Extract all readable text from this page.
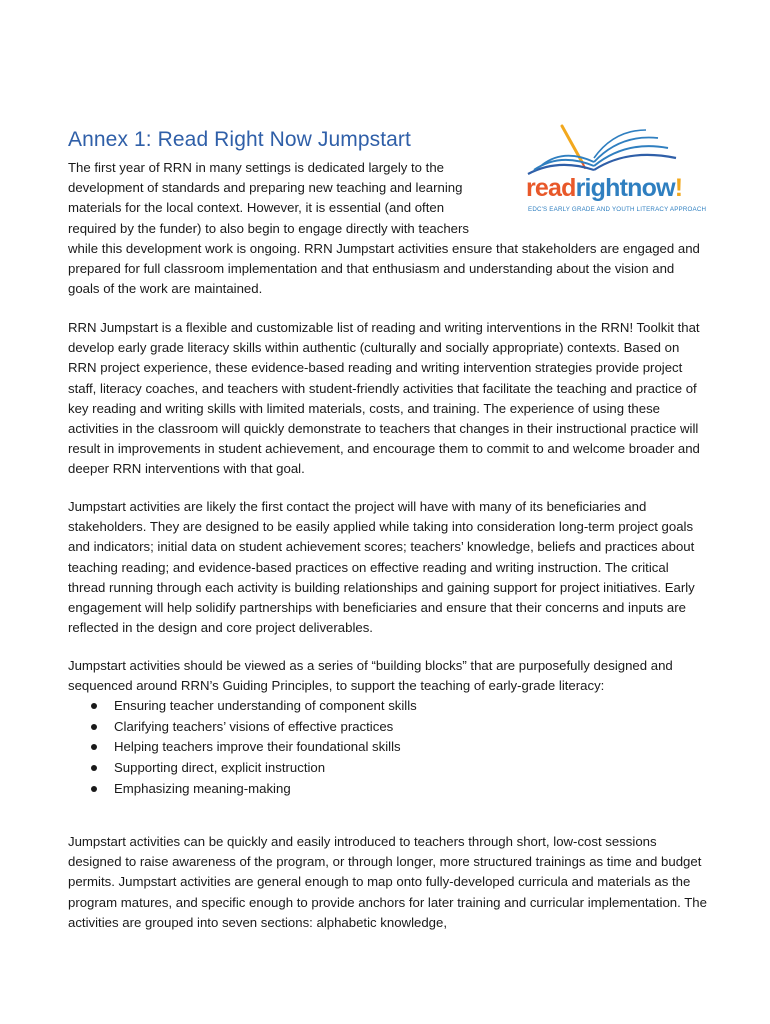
Annex 1: Read Right Now Jumpstart
readrightnow!
EDC'S EARLY GRADE AND YOUTH LITERACY APPROACH

The first year of RRN in many settings is dedicated largely to the development of standards and preparing new teaching and learning materials for the local context. However, it is essential (and often required by the funder) to also begin to engage directly with teachers
while this development work is ongoing. RRN Jumpstart activities ensure that stakeholders are engaged and prepared for full classroom implementation and that enthusiasm and understanding about the vision and goals of the work are maintained.

RRN Jumpstart is a flexible and customizable list of reading and writing interventions in the RRN! Toolkit that develop early grade literacy skills within authentic (culturally and socially appropriate) contexts. Based on RRN project experience, these evidence-based reading and writing intervention strategies provide project staff, literacy coaches, and teachers with student-friendly activities that facilitate the teaching and practice of key reading and writing skills with limited materials, costs, and training. The experience of using these activities in the classroom will quickly demonstrate to teachers that changes in their instructional practice will result in improvements in student achievement, and encourage them to commit to and welcome broader and deeper RRN interventions with that goal.

Jumpstart activities are likely the first contact the project will have with many of its beneficiaries and stakeholders. They are designed to be easily applied while taking into consideration long-term project goals and indicators; initial data on student achievement scores; teachers’ knowledge, beliefs and practices about teaching reading; and evidence-based practices on effective reading and writing instruction. The critical thread running through each activity is building relationships and gaining support for project initiatives. Early engagement will help solidify partnerships with beneficiaries and ensure that their concerns and inputs are reflected in the design and core project deliverables.

Jumpstart activities should be viewed as a series of “building blocks” that are purposefully designed and sequenced around RRN’s Guiding Principles, to support the teaching of early-grade literacy:

Ensuring teacher understanding of component skills
Clarifying teachers’ visions of effective practices
Helping teachers improve their foundational skills
Supporting direct, explicit instruction
Emphasizing meaning-making

Jumpstart activities can be quickly and easily introduced to teachers through short, low-cost sessions designed to raise awareness of the program, or through longer, more structured trainings as time and budget permits. Jumpstart activities are general enough to map onto fully-developed curricula and materials as the program matures, and specific enough to provide anchors for later training and curricular implementation. The activities are grouped into seven sections: alphabetic knowledge,
